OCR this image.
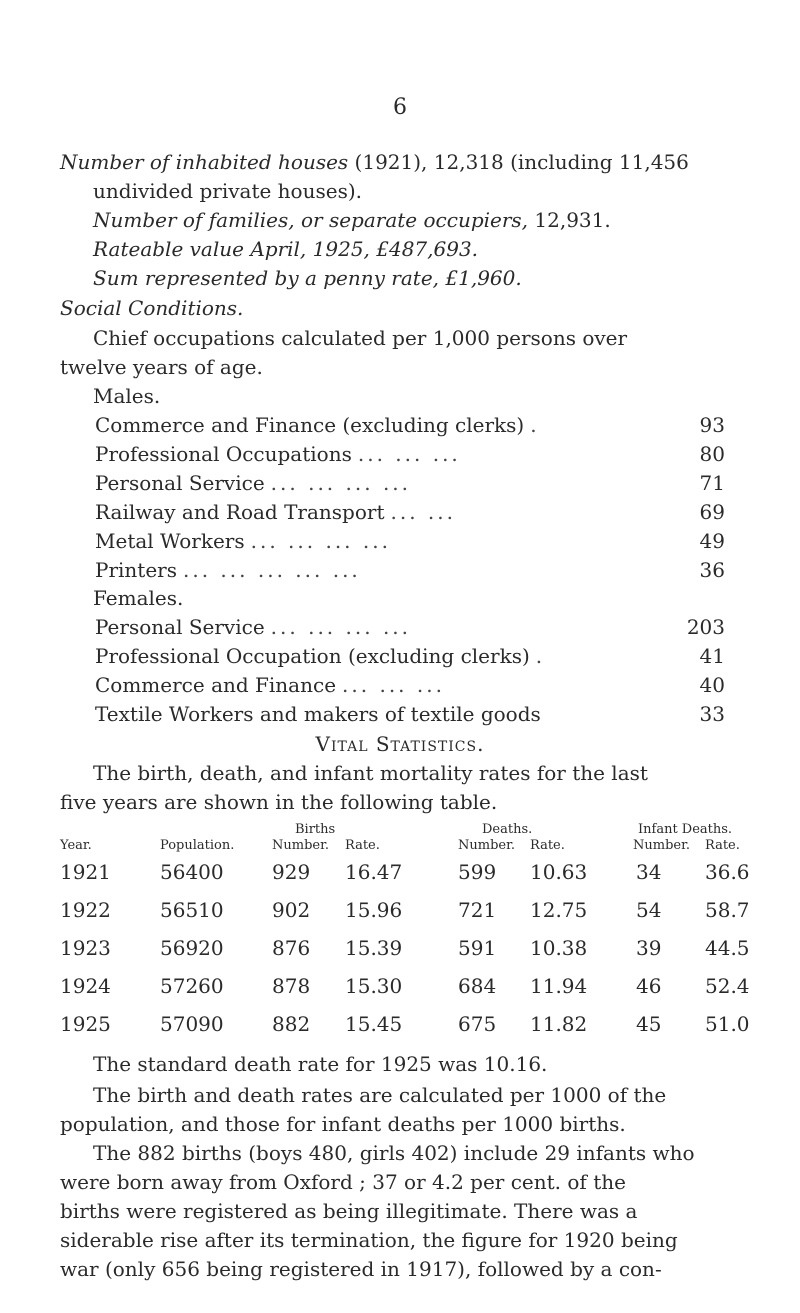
6
Number of inhabited houses (1921), 12,318 (including 11,456
undivided private houses).
Number of families, or separate occupiers, 12,931.
Rateable value April, 1925, £487,693.
Sum represented by a penny rate, £1,960.
Social Conditions.
Chief occupations calculated per 1,000 persons over
twelve years of age.
Males.
Commerce and Finance (excluding clerks) .	93
Professional Occupations ... ... ...	80
Personal Service ... ... ... ...	71
Railway and Road Transport ... ...	69
Metal Workers ... ... ... ...	49
Printers ... ... ... ... ...	36
Females.
Personal Service ... ... ... ...	203
Professional Occupation (excluding clerks) .	41
Commerce and Finance ... ... ...	40
Textile Workers and makers of textile goods	33
Vital Statistics.
The birth, death, and infant mortality rates for the last
five years are shown in the following table.
Births	Deaths.	Infant Deaths.
Year.	Population.	Number. Rate.	Number. Rate.	Number. Rate.
1921 56400 929 16.47	599 10.63 34 36.6
1922 56510 902 15.96	721 12.75 54 58.7
1923 56920 876 15.39	591 10.38 39 44.5
1924 57260 878 15.30	684 11.94 46 52.4
1925 57090 882 15.45	675 11.82 45 51.0
The standard death rate for 1925 was 10.16.
The birth and death rates are calculated per 1000 of the
population, and those for infant deaths per 1000 births.
The 882 births (boys 480, girls 402) include 29 infants who
were born away from Oxford ; 37 or 4.2 per cent. of the
births were registered as being illegitimate. There was a
siderable rise after its termination, the figure for 1920 being
war (only 656 being registered in 1917), followed by a con-
